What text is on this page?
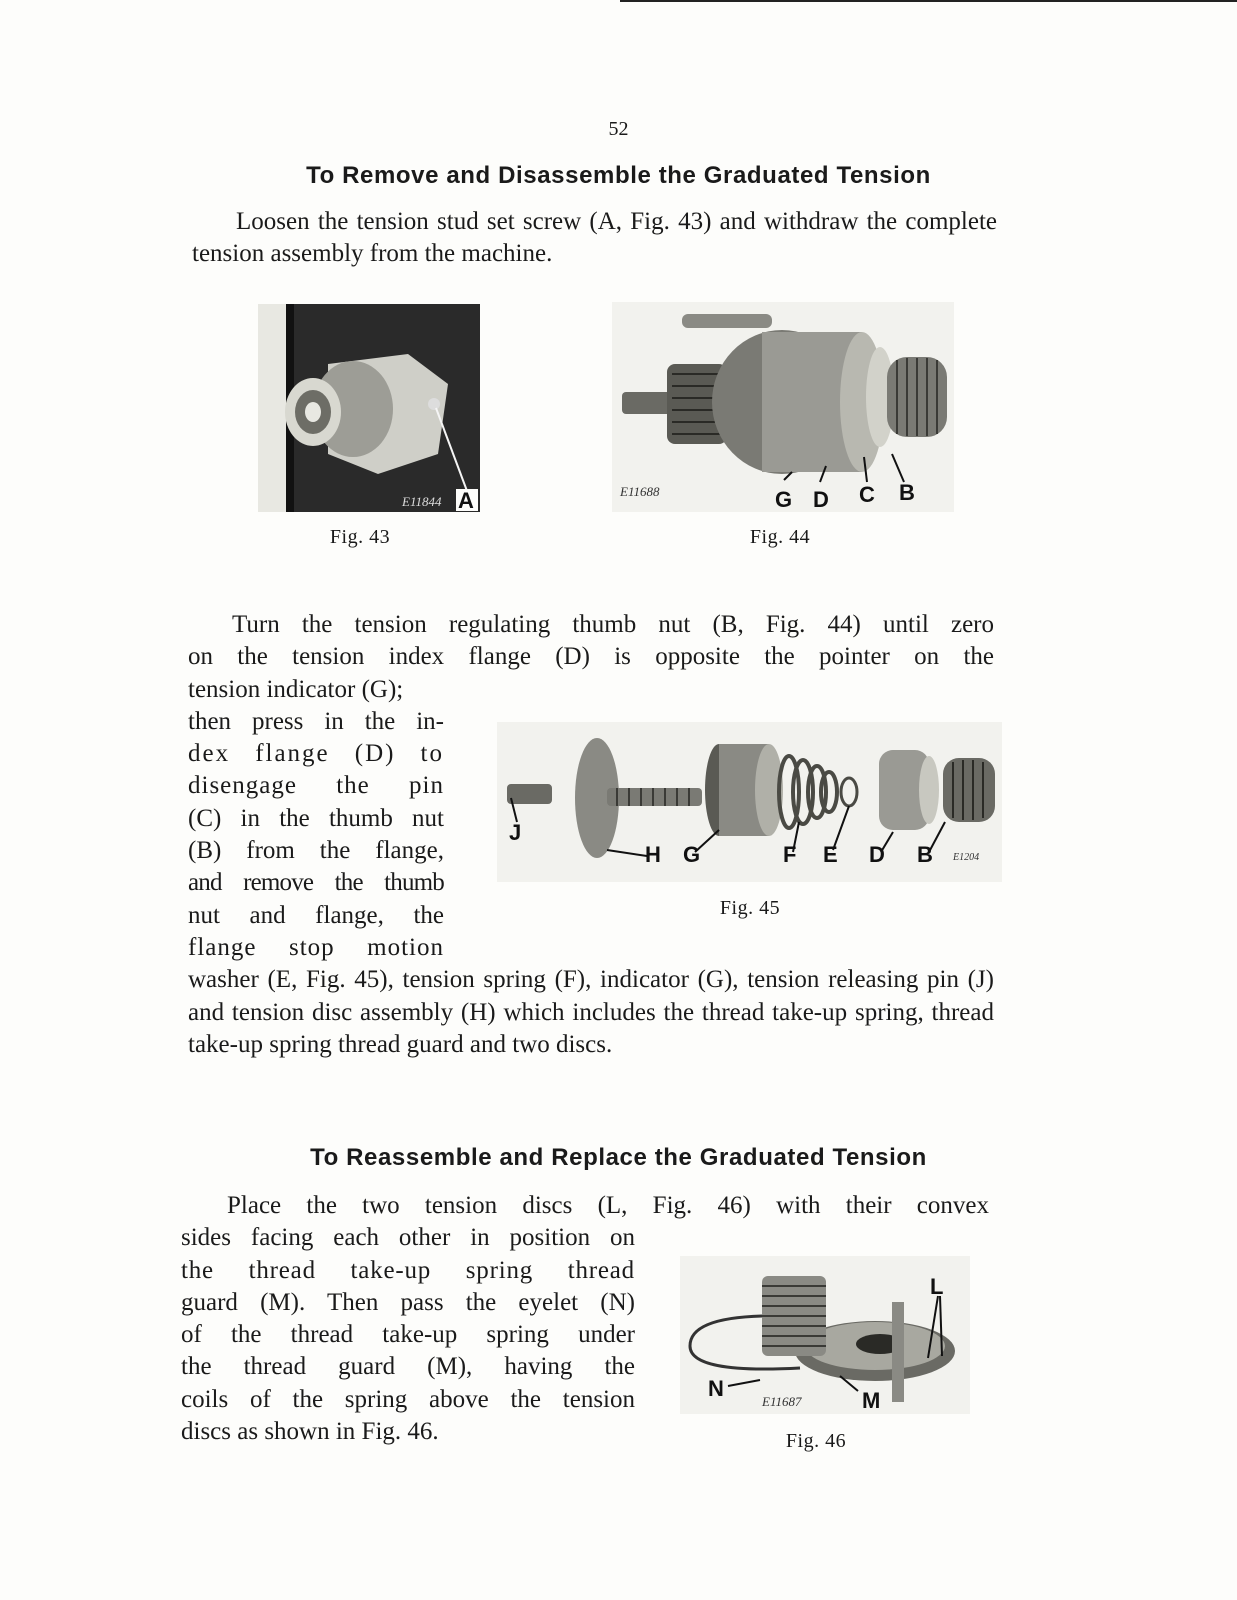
52
To Remove and Disassemble the Graduated Tension

Loosen the tension stud set screw (A, Fig. 43) and withdraw the complete tension assembly from the machine.

E11844 A
Fig. 43
E11688	G D C B
Fig. 44
Turn the tension regulating thumb nut (B, Fig. 44) until zero
on the tension index flange (D) is opposite the pointer on the
tension indicator (G);
then press in the in-
dex flange (D) to
disengage the pin
(C) in the thumb nut
(B) from the flange,
and remove the thumb
nut and flange, the
flange stop motion
washer (E, Fig. 45), tension spring (F), indicator (G), tension releasing pin (J) and tension disc assembly (H) which includes the thread take-up spring, thread take-up spring thread guard and two discs.
J
H G	F E D B E1204
Fig. 45
To Reassemble and Replace the Graduated Tension
Place the two tension discs (L, Fig. 46) with their convex
sides facing each other in position on
the thread take-up spring thread
guard (M). Then pass the eyelet (N)
of the thread take-up spring under
the thread guard (M), having the
coils of the spring above the tension
discs as shown in Fig. 46.
L
N
E11687	M
Fig. 46
